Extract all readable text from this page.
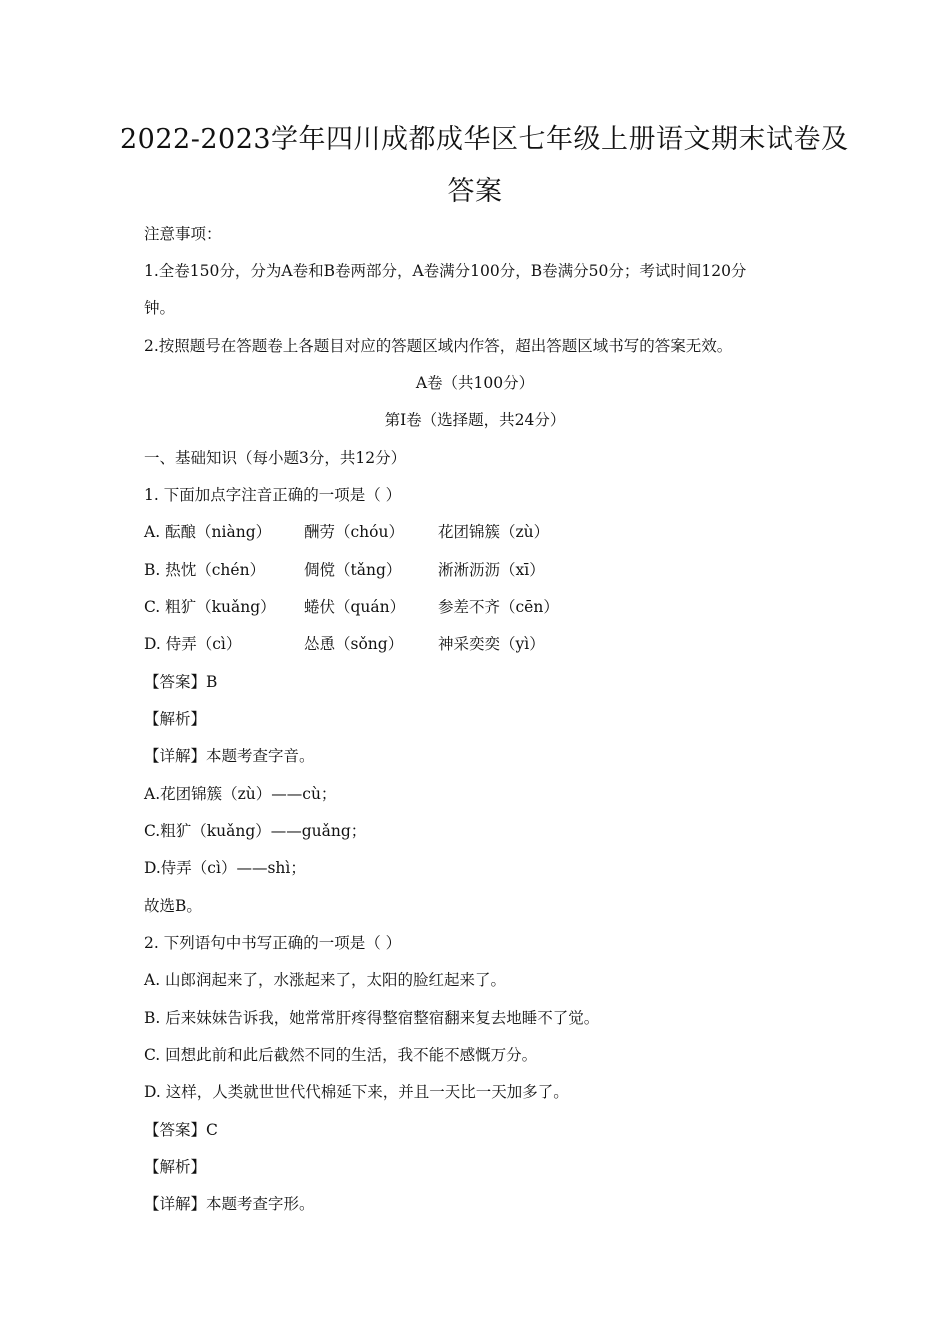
2022-2023学年四川成都成华区七年级上册语文期末试卷及
答案
注意事项：
1.全卷150分，分为A卷和B卷两部分，A卷满分100分，B卷满分50分；考试时间120分
钟。
2.按照题号在答题卷上各题目对应的答题区域内作答，超出答题区域书写的答案无效。
A卷（共100分）
第Ⅰ卷（选择题，共24分）
一、基础知识（每小题3分，共12分）
1. 下面加点字注音正确的一项是（ ）
A. 酝酿（niàng） 酬劳（chóu） 花团锦簇（zù）
B. 热忱（chén）	倜傥（tǎng） 淅淅沥沥（xī）
C. 粗犷（kuǎng） 蜷伏（quán） 参差不齐（cēn）
D. 侍弄（cì）	怂恿（sǒng） 神采奕奕（yì）
【答案】B
【解析】
【详解】本题考查字音。
A.花团锦簇（zù）——cù；
C.粗犷（kuǎng）——guǎng；
D.侍弄（cì）——shì；
故选B。
2. 下列语句中书写正确的一项是（ ）
A. 山郎润起来了，水涨起来了，太阳的脸红起来了。
B. 后来妹妹告诉我，她常常肝疼得整宿整宿翻来复去地睡不了觉。
C. 回想此前和此后截然不同的生活，我不能不感慨万分。
D. 这样，人类就世世代代棉延下来，并且一天比一天加多了。
【答案】C
【解析】
【详解】本题考查字形。
